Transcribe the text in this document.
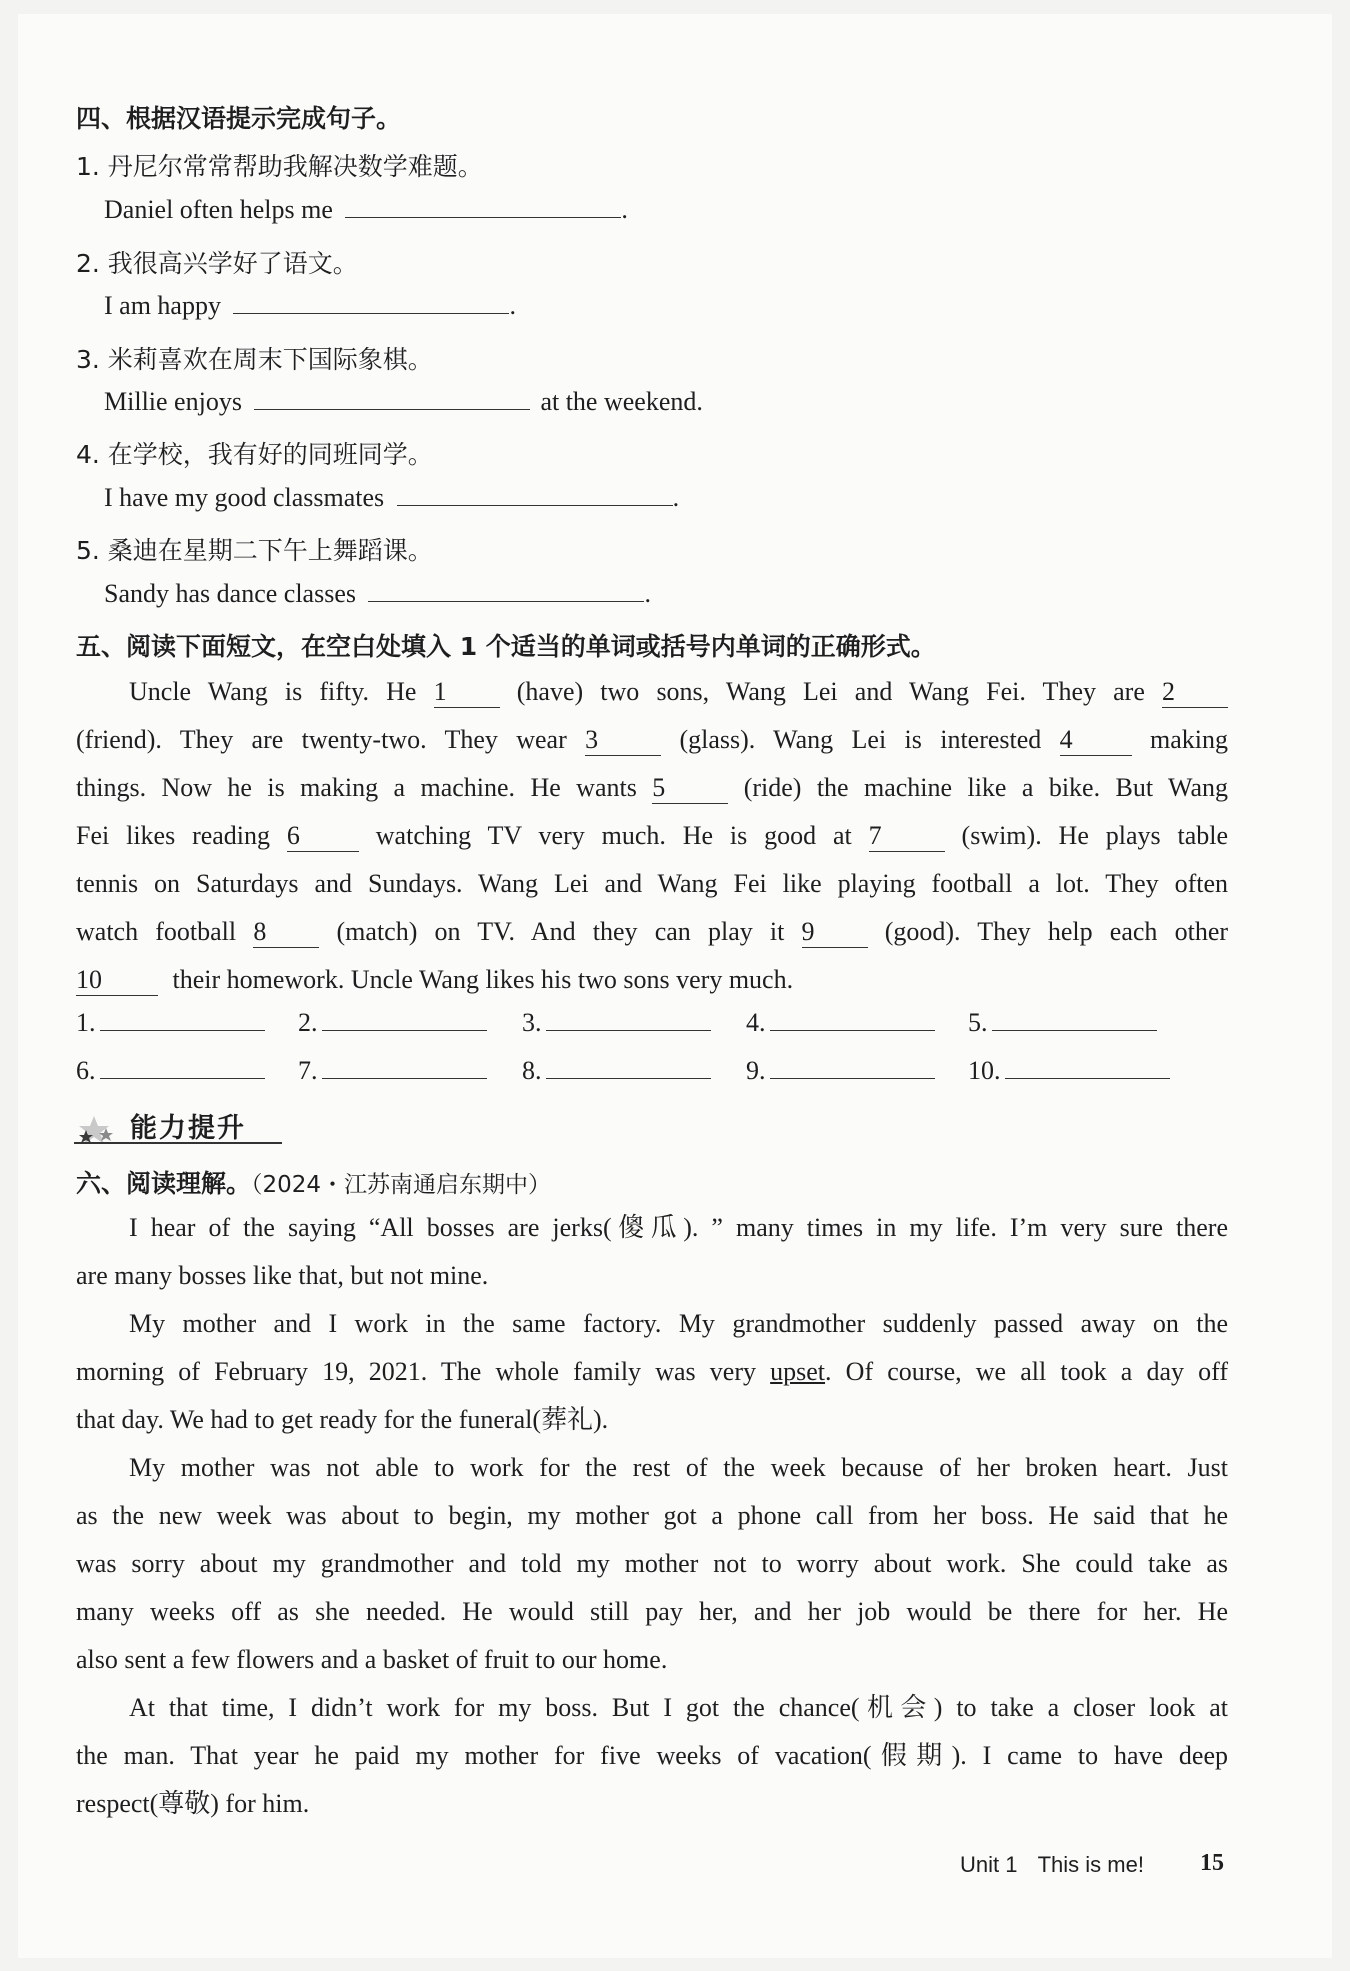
四、根据汉语提示完成句子。
1. 丹尼尔常常帮助我解决数学难题。
Daniel often helps me	.
2. 我很高兴学好了语文。
I am happy	.
3. 米莉喜欢在周末下国际象棋。
Millie enjoys	at the weekend.
4. 在学校，我有好的同班同学。
I have my good classmates	.
5. 桑迪在星期二下午上舞蹈课。
Sandy has dance classes	.
五、阅读下面短文，在空白处填入 1 个适当的单词或括号内单词的正确形式。
Uncle Wang is fifty. He 1	(have) two sons, Wang Lei and Wang Fei. They are 2
(friend). They are twenty-two. They wear 3	(glass). Wang Lei is interested 4	making
things. Now he is making a machine. He wants 5	(ride) the machine like a bike. But Wang
Fei likes reading 6	watching TV very much. He is good at 7	(swim). He plays table
tennis on Saturdays and Sundays. Wang Lei and Wang Fei like playing football a lot. They often
watch football 8	(match) on TV. And they can play it 9	(good). They help each other
10	their homework. Uncle Wang likes his two sons very much.
1.	2.	3.	4.	5.
6.	7.	8.	9.	10.
能力提升
六、阅读理解。（2024・江苏南通启东期中）
I hear of the saying “All bosses are jerks(傻瓜). ” many times in my life. I’m very sure there
are many bosses like that, but not mine.
My mother and I work in the same factory. My grandmother suddenly passed away on the
morning of February 19, 2021. The whole family was very upset. Of course, we all took a day off
that day. We had to get ready for the funeral(葬礼).
My mother was not able to work for the rest of the week because of her broken heart. Just
as the new week was about to begin, my mother got a phone call from her boss. He said that he
was sorry about my grandmother and told my mother not to worry about work. She could take as
many weeks off as she needed. He would still pay her, and her job would be there for her. He
also sent a few flowers and a basket of fruit to our home.
At that time, I didn’t work for my boss. But I got the chance(机会) to take a closer look at
the man. That year he paid my mother for five weeks of vacation(假期). I came to have deep
respect(尊敬) for him.
Unit 1 This is me! 15
